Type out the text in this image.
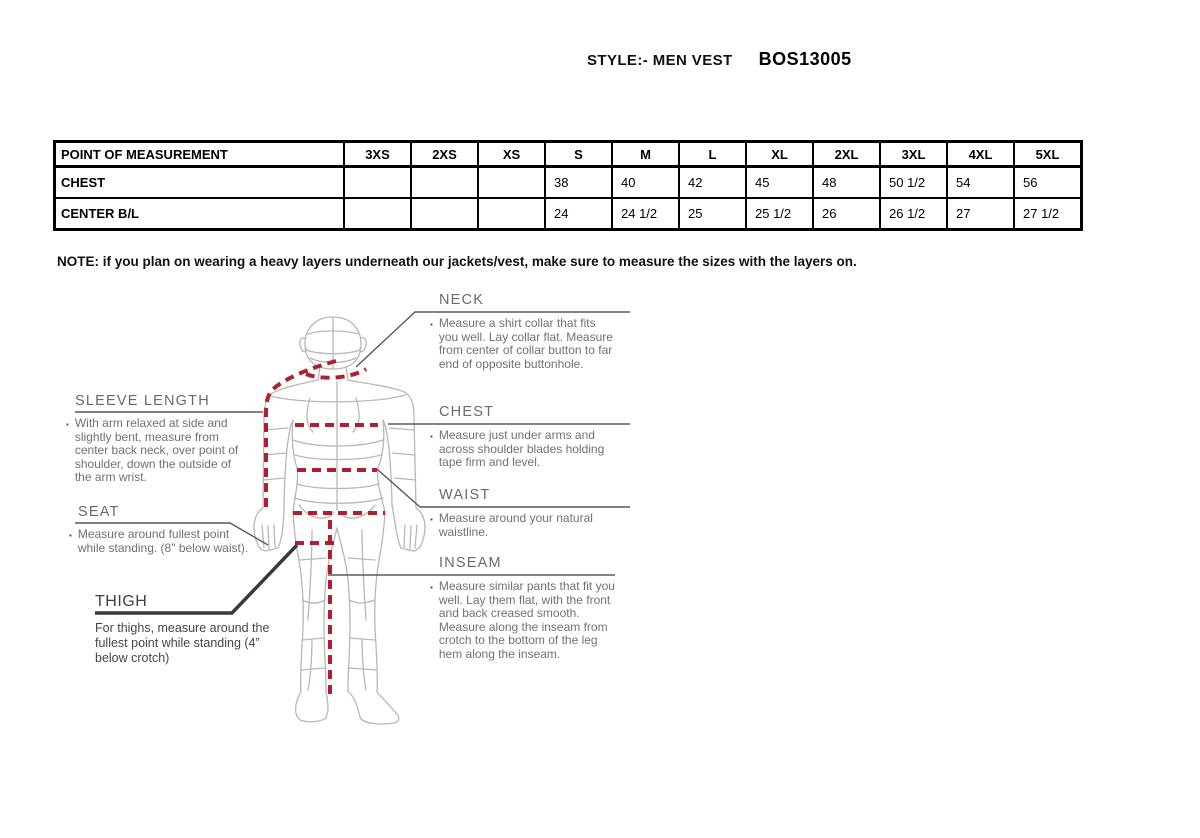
STYLE:- MEN VEST BOS13005
POINT OF MEASUREMENT	3XS	2XS	XS	S	M	L	XL	2XL	3XL	4XL	5XL
CHEST				38	40	42	45	48	50 1/2	54	56
CENTER B/L				24	24 1/2	25	25 1/2	26	26 1/2	27	27 1/2
NOTE: if you plan on wearing a heavy layers underneath our jackets/vest, make sure to measure the sizes with the layers on.
NECK
▪ Measure a shirt collar that fits you well. Lay collar flat. Measure from center of collar button to far end of opposite buttonhole.
CHEST
▪ Measure just under arms and across shoulder blades holding tape firm and level.
WAIST
▪ Measure around your natural waistline.
INSEAM
▪ Measure similar pants that fit you well. Lay them flat, with the front and back creased smooth. Measure along the inseam from crotch to the bottom of the leg hem along the inseam.
SLEEVE LENGTH
▪ With arm relaxed at side and slightly bent, measure from center back neck, over point of shoulder, down the outside of the arm wrist.
SEAT
▪ Measure around fullest point while standing. (8" below waist).
THIGH
For thighs, measure around the fullest point while standing (4” below crotch)
